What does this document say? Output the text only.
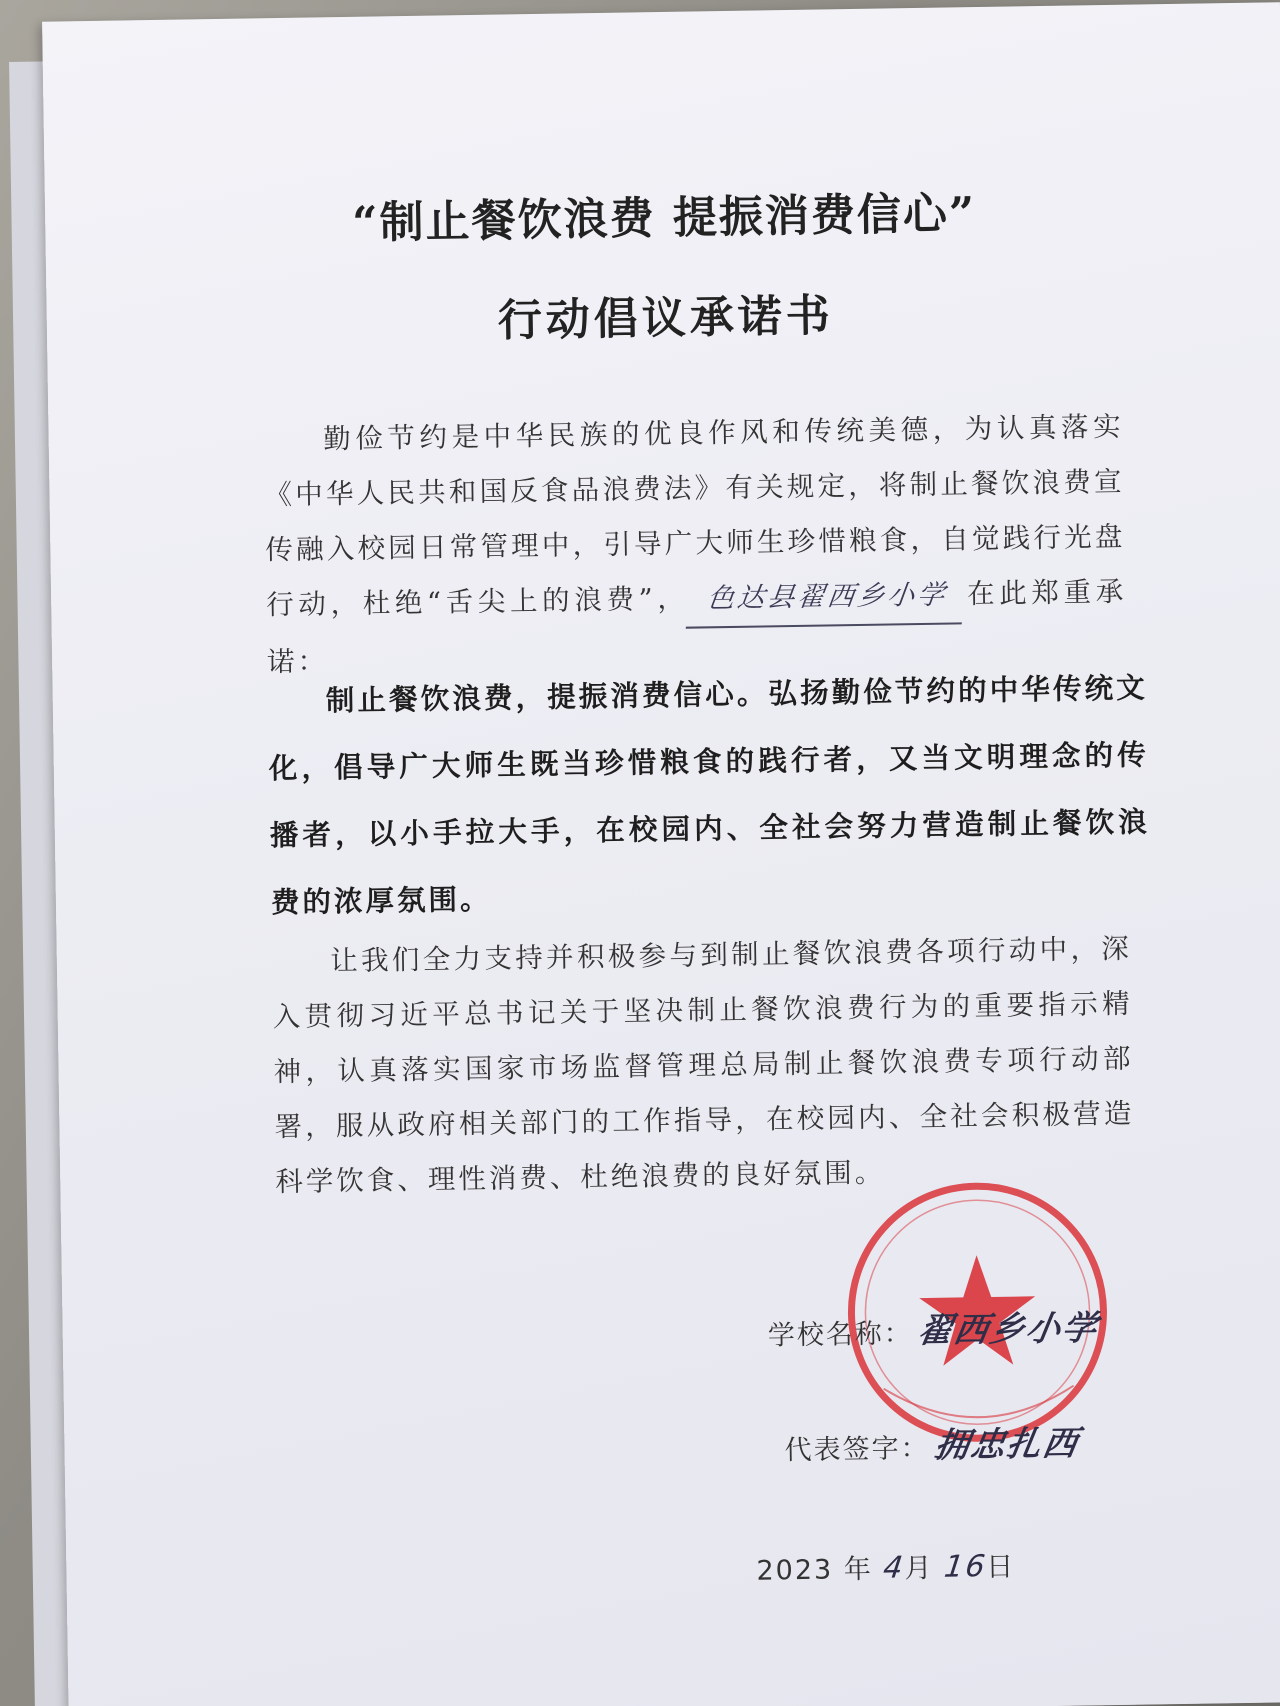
“制止餐饮浪费 提振消费信心”
行动倡议承诺书
勤俭节约是中华民族的优良作风和传统美德，为认真落实《中华人民共和国反食品浪费法》有关规定，将制止餐饮浪费宣传融入校园日常管理中，引导广大师生珍惜粮食，自觉践行光盘行动，杜绝“舌尖上的浪费”， 色达县翟西乡小学 在此郑重承诺：
制止餐饮浪费，提振消费信心。弘扬勤俭节约的中华传统文化，倡导广大师生既当珍惜粮食的践行者，又当文明理念的传播者，以小手拉大手，在校园内、全社会努力营造制止餐饮浪费的浓厚氛围。
让我们全力支持并积极参与到制止餐饮浪费各项行动中，深入贯彻习近平总书记关于坚决制止餐饮浪费行为的重要指示精神，认真落实国家市场监督管理总局制止餐饮浪费专项行动部署，服从政府相关部门的工作指导，在校园内、全社会积极营造科学饮食、理性消费、杜绝浪费的良好氛围。
学校名称：翟西乡小学
代表签字：拥忠扎西
2023 年 4月 16日
